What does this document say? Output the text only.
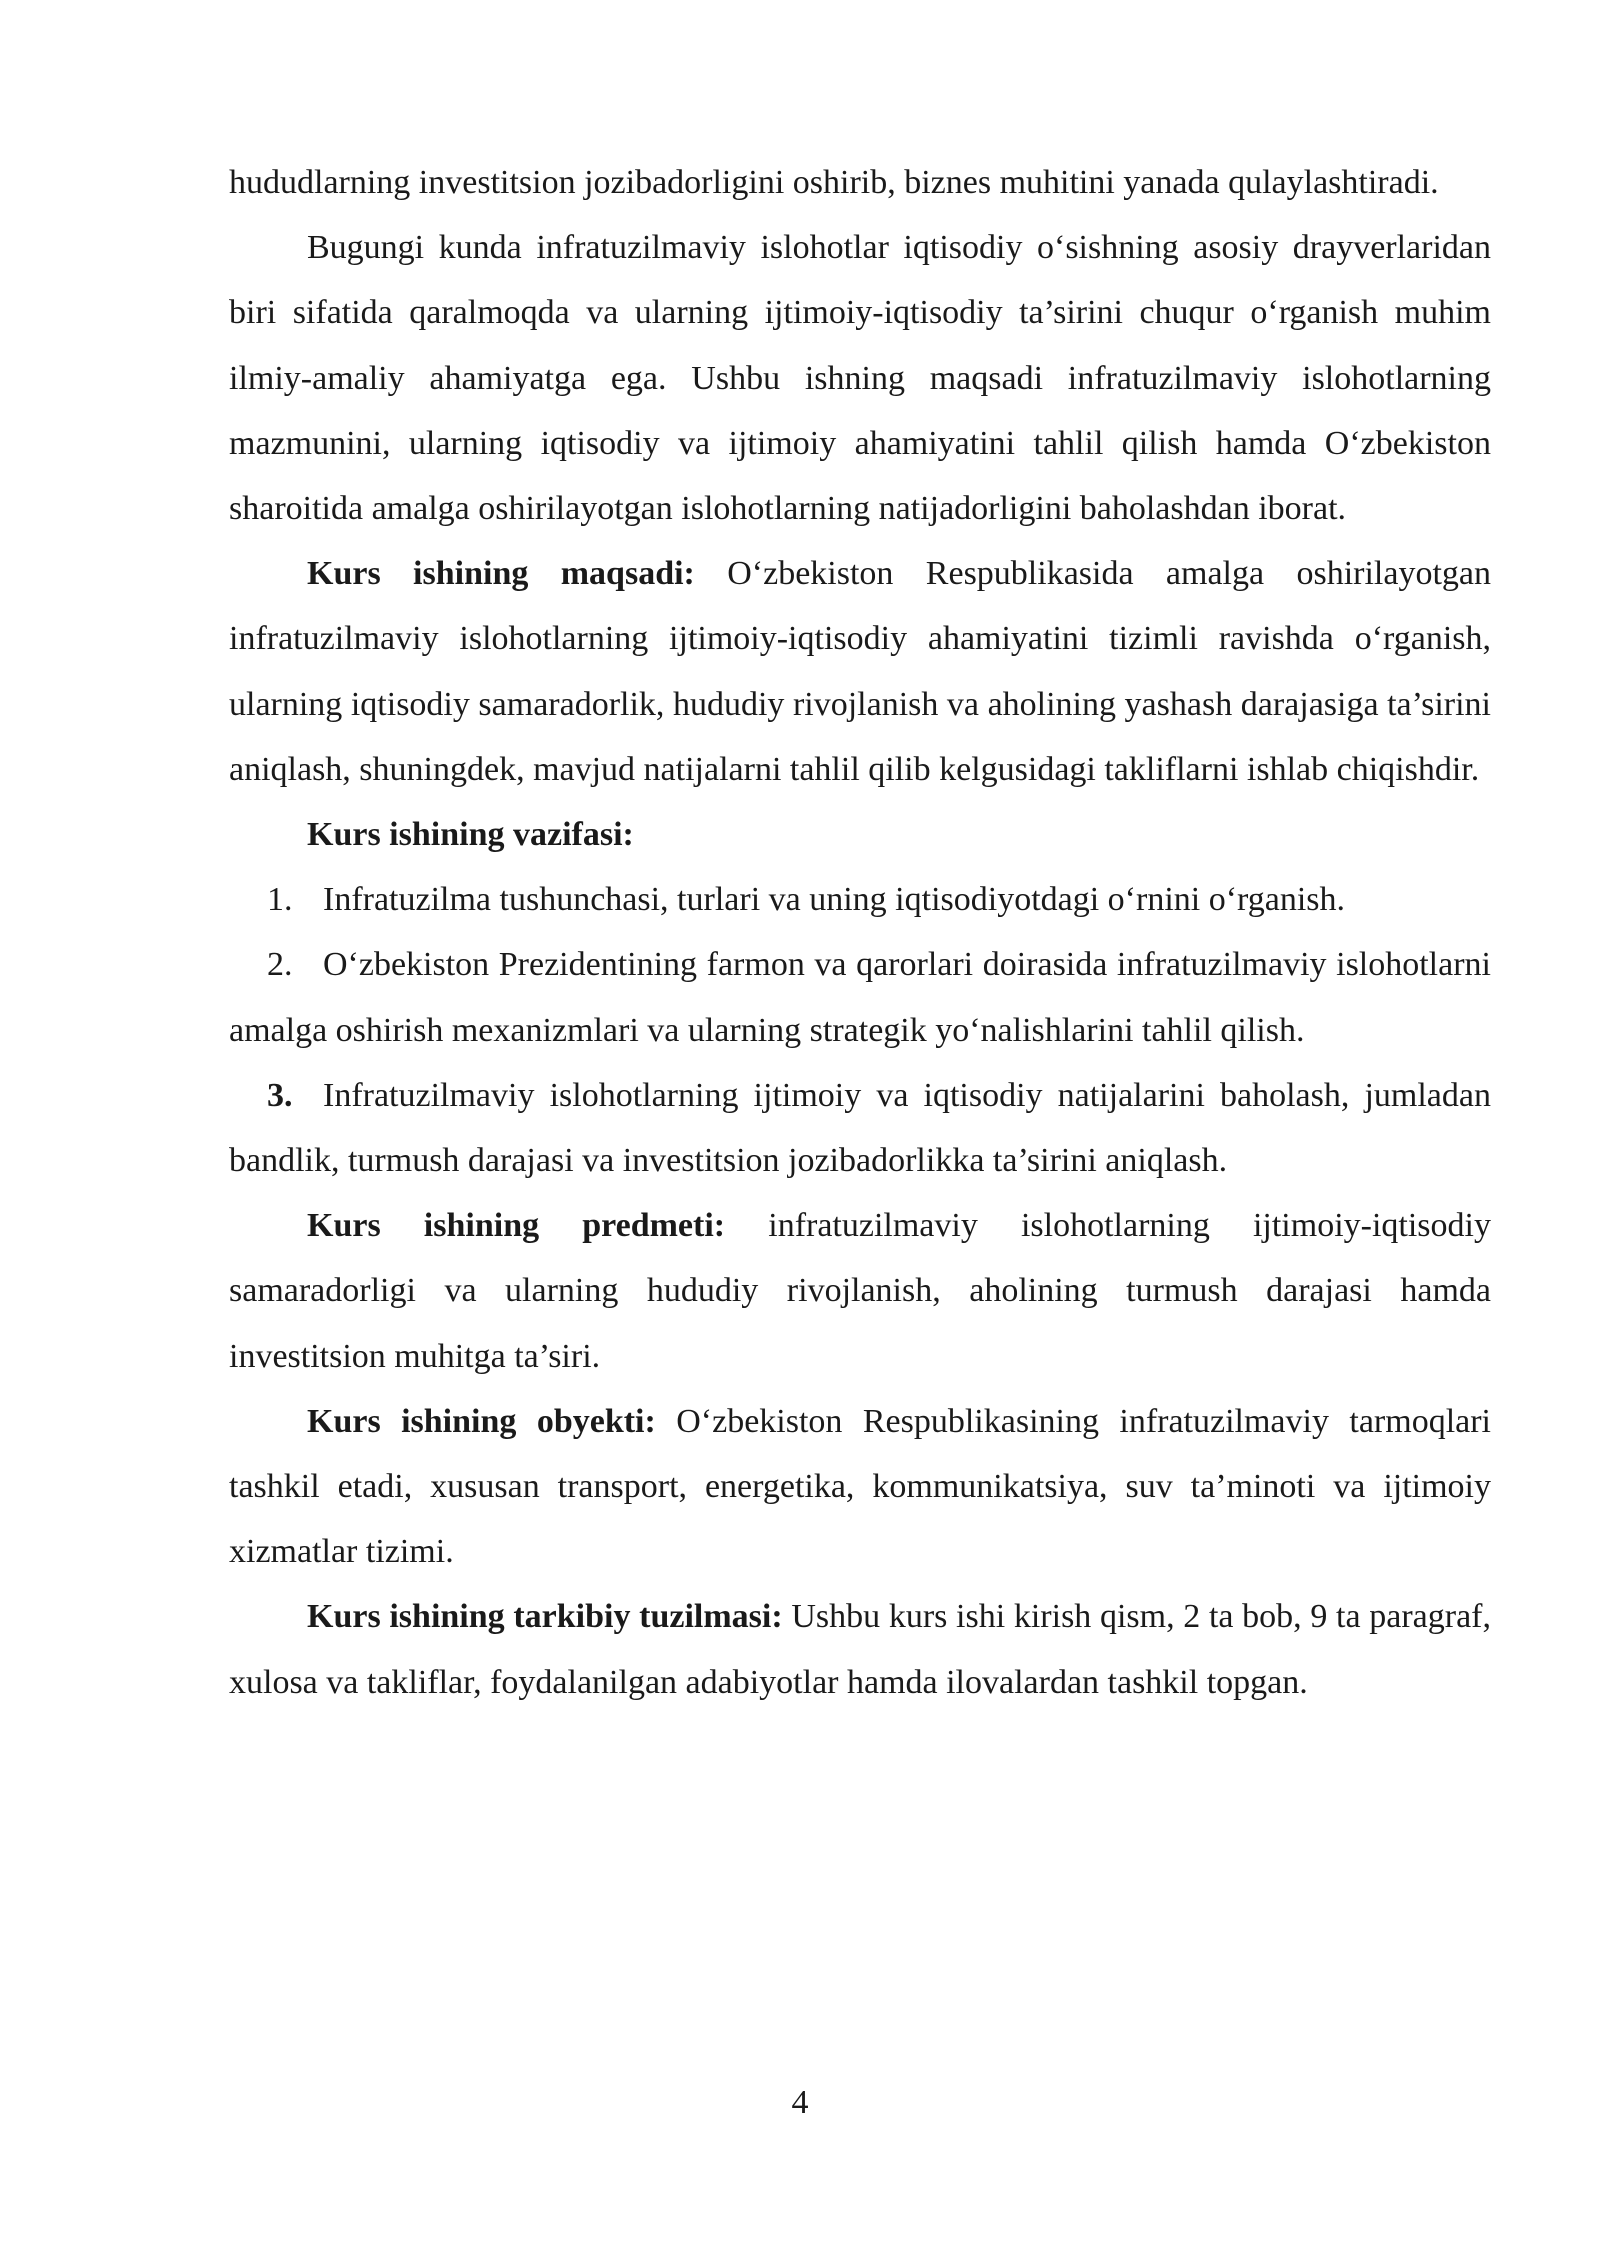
hududlarning investitsion jozibadorligini oshirib, biznes muhitini yanada qulaylashtiradi.

Bugungi kunda infratuzilmaviy islohotlar iqtisodiy o‘sishning asosiy drayverlaridan biri sifatida qaralmoqda va ularning ijtimoiy-iqtisodiy ta’sirini chuqur o‘rganish muhim ilmiy-amaliy ahamiyatga ega. Ushbu ishning maqsadi infratuzilmaviy islohotlarning mazmunini, ularning iqtisodiy va ijtimoiy ahamiyatini tahlil qilish hamda O‘zbekiston sharoitida amalga oshirilayotgan islohotlarning natijadorligini baholashdan iborat.

Kurs ishining maqsadi: O‘zbekiston Respublikasida amalga oshirilayotgan infratuzilmaviy islohotlarning ijtimoiy-iqtisodiy ahamiyatini tizimli ravishda o‘rganish, ularning iqtisodiy samaradorlik, hududiy rivojlanish va aholining yashash darajasiga ta’sirini aniqlash, shuningdek, mavjud natijalarni tahlil qilib kelgusidagi takliflarni ishlab chiqishdir.

Kurs ishining vazifasi:

1. Infratuzilma tushunchasi, turlari va uning iqtisodiyotdagi o‘rnini o‘rganish.

2. O‘zbekiston Prezidentining farmon va qarorlari doirasida infratuzilmaviy islohotlarni amalga oshirish mexanizmlari va ularning strategik yo‘nalishlarini tahlil qilish.

3. Infratuzilmaviy islohotlarning ijtimoiy va iqtisodiy natijalarini baholash, jumladan bandlik, turmush darajasi va investitsion jozibadorlikka ta’sirini aniqlash.

Kurs ishining predmeti: infratuzilmaviy islohotlarning ijtimoiy-iqtisodiy samaradorligi va ularning hududiy rivojlanish, aholining turmush darajasi hamda investitsion muhitga ta’siri.

Kurs ishining obyekti: O‘zbekiston Respublikasining infratuzilmaviy tarmoqlari tashkil etadi, xususan transport, energetika, kommunikatsiya, suv ta’minoti va ijtimoiy xizmatlar tizimi.

Kurs ishining tarkibiy tuzilmasi: Ushbu kurs ishi kirish qism, 2 ta bob, 9 ta paragraf, xulosa va takliflar, foydalanilgan adabiyotlar hamda ilovalardan tashkil topgan.

4
